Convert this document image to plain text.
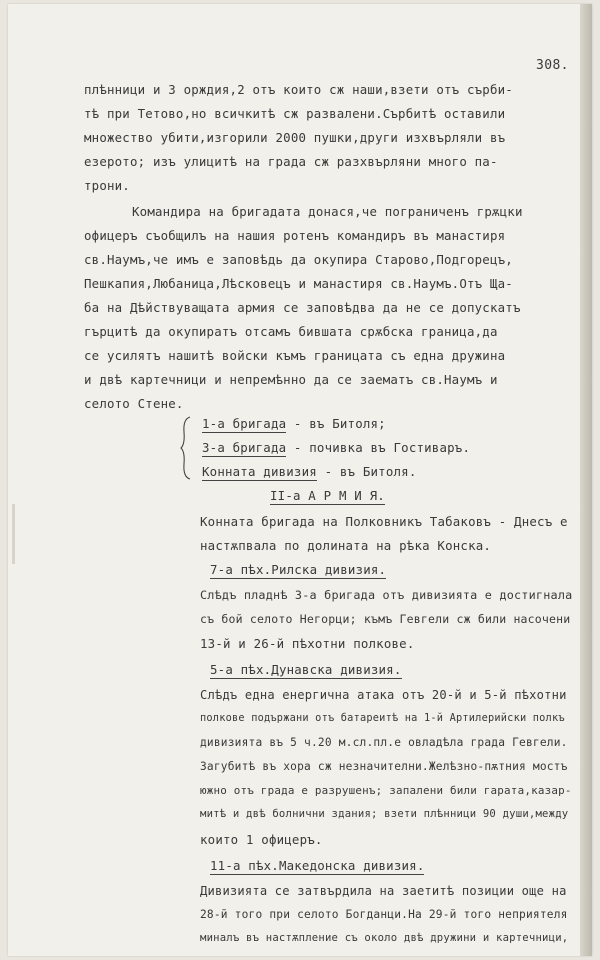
308.
плѣнници и 3 орждия,2 отъ които сж наши,взети отъ сърби-
тѣ при Тетово,но всичкитѣ сж развалени.Сърбитѣ оставили
множество убити,изгорили 2000 пушки,други изхвърляли въ
езерото; изъ улицитѣ на града сж разхвърляни много па-
трони.
Командира на бригадата донася,че пограниченъ грѫцки
офицеръ съобщилъ на нашия ротенъ командиръ въ манастиря
св.Наумъ,че имъ е заповѣдь да окупира Старово,Подгорецъ,
Пешкапия,Любаница,Лѣсковецъ и манастиря св.Наумъ.Отъ Ща-
ба на Дѣйствуващата армия се заповѣдва да не се допускатъ
гърцитѣ да окупиратъ отсамъ бившата срѫбска граница,да
се усилятъ нашитѣ войски къмъ границата съ една дружина
и двѣ картечници и непремѣнно да се заематъ св.Наумъ и
селото Стене.
1-а бригада - въ Битоля;
3-а бригада - почивка въ Гостиваръ.
Конната дивизия - въ Битоля.
II-а А Р М И Я.
Конната бригада на Полковникъ Табаковъ - Днесъ е
настѫпвала по долината на рѣка Конска.
7-а пѣх.Рилска дивизия.
Слѣдъ пладнѣ 3-а бригада отъ дивизията е достигнала
съ бой селото Негорци; къмъ Гевгели сж били насочени
13-й и 26-й пѣхотни полкове.
5-а пѣх.Дунавска дивизия.
Слѣдъ една енергична атака отъ 20-й и 5-й пѣхотни
полкове подържани отъ батареитѣ на 1-й Артилерийски полкъ
дивизията въ 5 ч.20 м.сл.пл.е овладѣла града Гевгели.
Загубитѣ въ хора сж незначителни.Желѣзно-пѫтния мостъ
южно отъ града е разрушенъ; запалени били гарата,казар-
митѣ и двѣ болнични здания; взети плѣнници 90 души,между
които 1 офицеръ.
11-а пѣх.Македонска дивизия.
Дивизията се затвърдила на заетитѣ позиции още на
28-й того при селото Богданци.На 29-й того неприятеля
миналъ въ настѫпление съ около двѣ дружини и картечници,
